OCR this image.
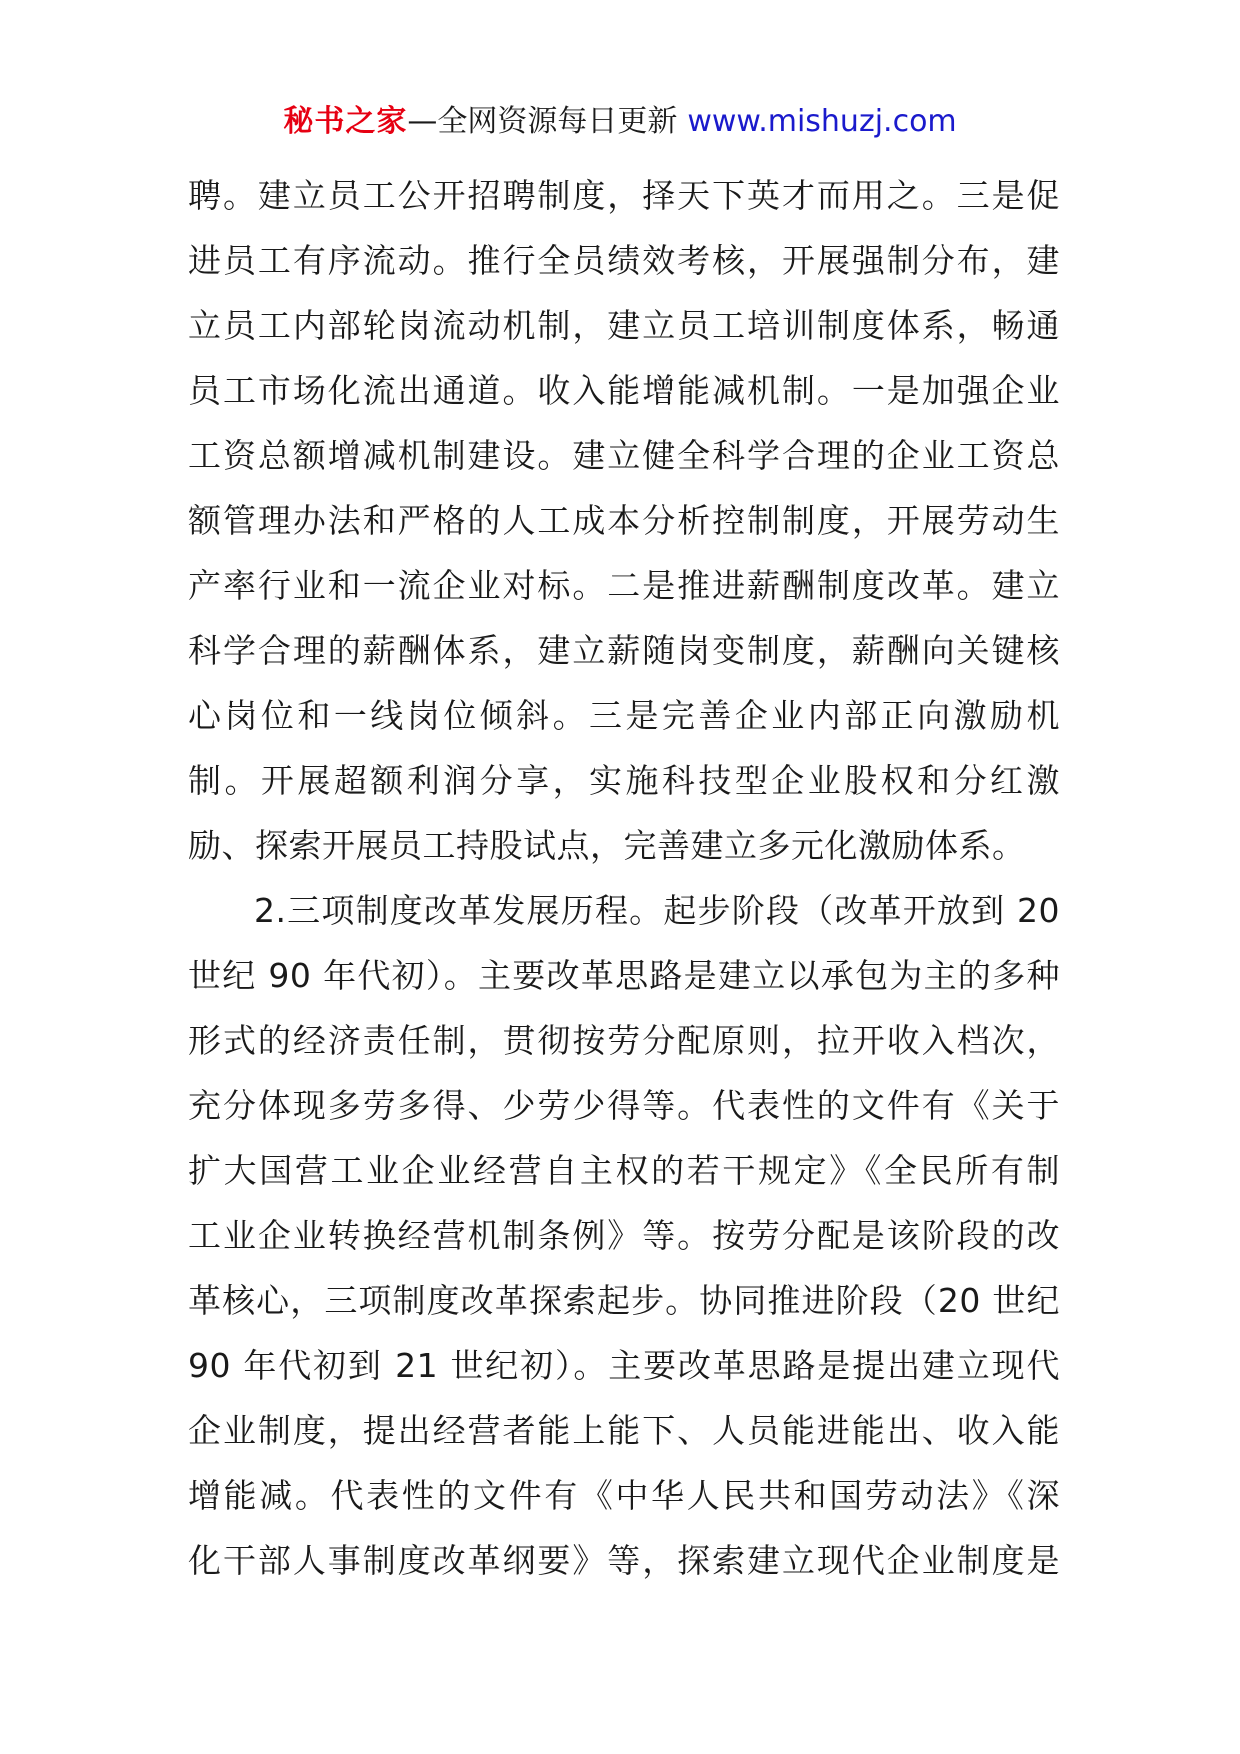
秘书之家—全网资源每日更新 www.mishuzj.com
聘。建立员工公开招聘制度，择天下英才而用之。三是促
进员工有序流动。推行全员绩效考核，开展强制分布，建
立员工内部轮岗流动机制，建立员工培训制度体系，畅通
员工市场化流出通道。收入能增能减机制。一是加强企业
工资总额增减机制建设。建立健全科学合理的企业工资总
额管理办法和严格的人工成本分析控制制度，开展劳动生
产率行业和一流企业对标。二是推进薪酬制度改革。建立
科学合理的薪酬体系，建立薪随岗变制度，薪酬向关键核
心岗位和一线岗位倾斜。三是完善企业内部正向激励机
制。开展超额利润分享，实施科技型企业股权和分红激
励、探索开展员工持股试点，完善建立多元化激励体系。
2.三项制度改革发展历程。起步阶段（改革开放到 20
世纪 90 年代初）。主要改革思路是建立以承包为主的多种
形式的经济责任制，贯彻按劳分配原则，拉开收入档次，
充分体现多劳多得、少劳少得等。代表性的文件有《关于
扩大国营工业企业经营自主权的若干规定》《全民所有制
工业企业转换经营机制条例》等。按劳分配是该阶段的改
革核心，三项制度改革探索起步。协同推进阶段（20 世纪
90 年代初到 21 世纪初）。主要改革思路是提出建立现代
企业制度，提出经营者能上能下、人员能进能出、收入能
增能减。代表性的文件有《中华人民共和国劳动法》《深
化干部人事制度改革纲要》等，探索建立现代企业制度是
